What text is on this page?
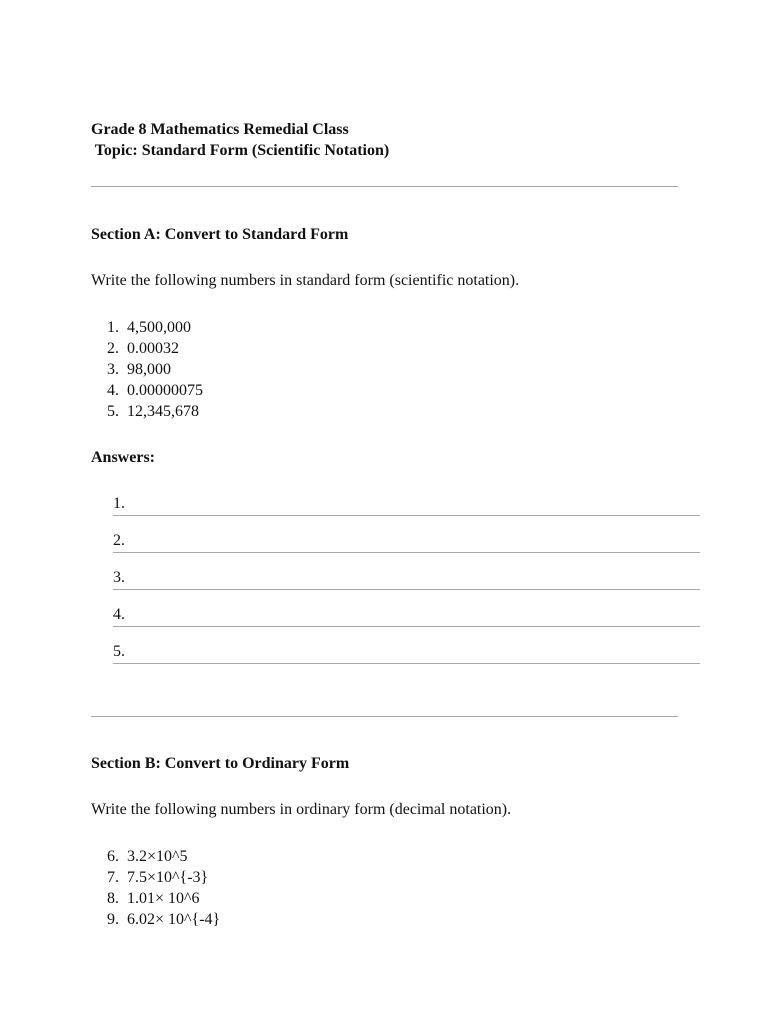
Grade 8 Mathematics Remedial Class
Topic: Standard Form (Scientific Notation)
Section A: Convert to Standard Form
Write the following numbers in standard form (scientific notation).
1. 4,500,000
2. 0.00032
3. 98,000
4. 0.00000075
5. 12,345,678
Answers:
1.
2.
3.
4.
5.
Section B: Convert to Ordinary Form
Write the following numbers in ordinary form (decimal notation).
6. 3.2×10^5
7. 7.5×10^{-3}
8. 1.01× 10^6
9. 6.02× 10^{-4}
